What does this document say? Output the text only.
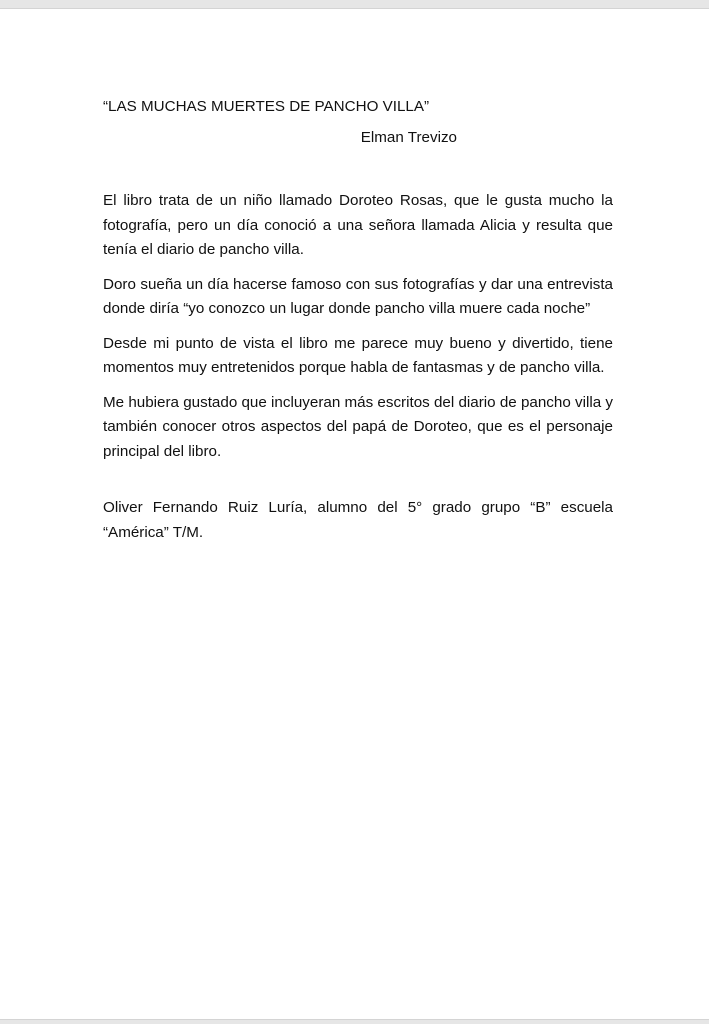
“LAS MUCHAS MUERTES DE PANCHO VILLA”

Elman Trevizo

El libro trata de un niño llamado Doroteo Rosas, que le gusta mucho la fotografía, pero un día conoció a una señora llamada Alicia y resulta que tenía el diario de pancho villa.

Doro sueña un día hacerse famoso con sus fotografías y dar una entrevista donde diría “yo conozco un lugar donde pancho villa muere cada noche”

Desde mi punto de vista el libro me parece muy bueno y divertido, tiene momentos muy entretenidos porque habla de fantasmas y de pancho villa.

Me hubiera gustado que incluyeran más escritos del diario de pancho villa y también conocer otros aspectos del papá de Doroteo, que es el personaje principal del libro.

Oliver Fernando Ruiz Luría, alumno del 5° grado grupo “B” escuela “América” T/M.
